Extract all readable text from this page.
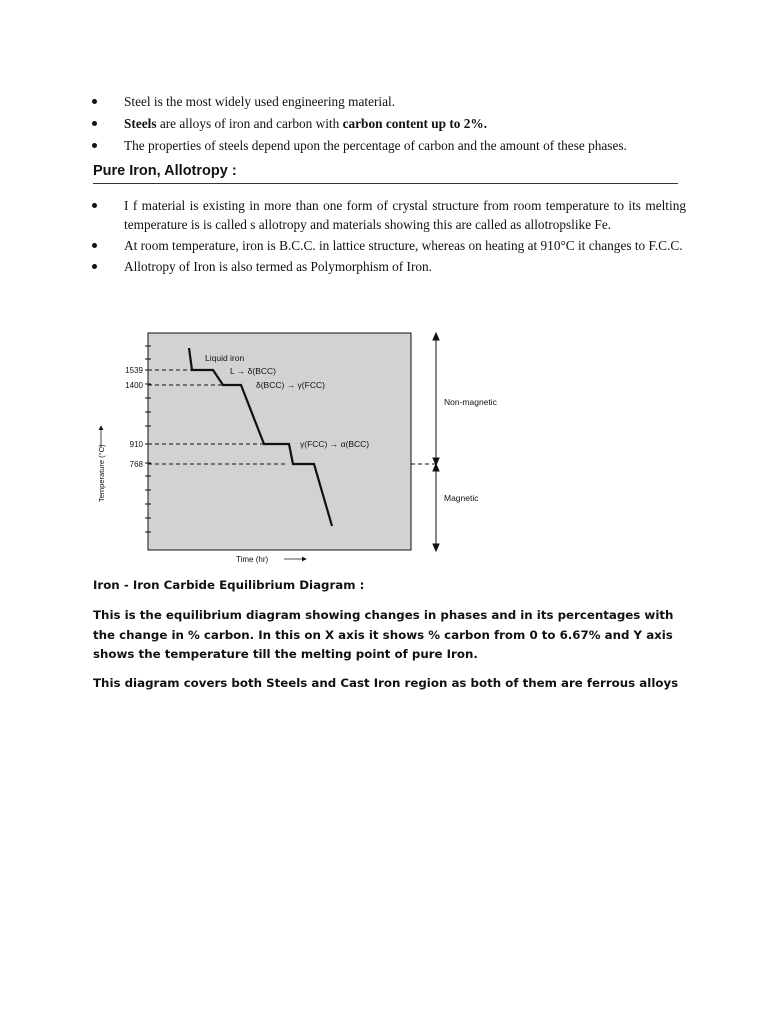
Steel is the most widely used engineering material.
Steels are alloys of iron and carbon with carbon content up to 2%.
The properties of steels depend upon the percentage of carbon and the amount of these phases.
Pure Iron, Allotropy :
I f material is existing in more than one form of crystal structure from room temperature to its melting temperature is is called s allotropy and materials showing this are called as allotropslike Fe.
At room temperature, iron is B.C.C. in lattice structure, whereas on heating at 910°C it changes to F.C.C.
Allotropy of Iron is also termed as Polymorphism of Iron.
1539
1400
910
768
Liquid iron
L → δ(BCC)
δ(BCC) → γ(FCC)
γ(FCC) → α(BCC)
Temperature (°C)
Time (hr)
Non-magnetic
Magnetic
Iron - Iron Carbide Equilibrium Diagram :
This is the equilibrium diagram showing changes in phases and in its percentages with the change in % carbon. In this on X axis it shows % carbon from 0 to 6.67% and Y axis shows the temperature till the melting point of pure Iron.
This diagram covers both Steels and Cast Iron region as both of them are ferrous alloys
